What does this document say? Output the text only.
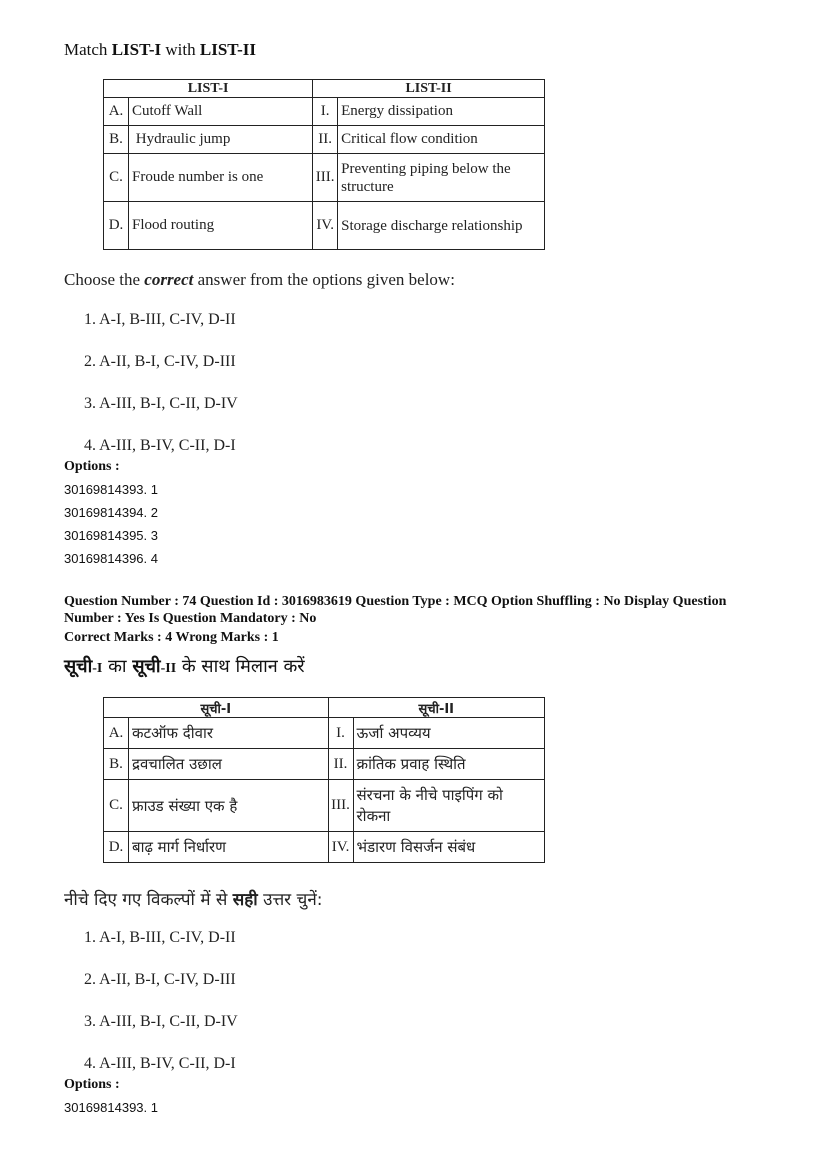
Match LIST-I with LIST-II
LIST-I		LIST-II	
A.	Cutoff Wall	I.	Energy dissipation
B.	Hydraulic jump	II.	Critical flow condition
C.	Froude number is one	III.	Preventing piping below the structure
D.	Flood routing	IV.	Storage discharge relationship
Choose the correct answer from the options given below:
1. A-I, B-III, C-IV, D-II
2. A-II, B-I, C-IV, D-III
3. A-III, B-I, C-II, D-IV
4. A-III, B-IV, C-II, D-I
Options :
30169814393. 1
30169814394. 2
30169814395. 3
30169814396. 4
Question Number : 74 Question Id : 3016983619 Question Type : MCQ Option Shuffling : No Display Question
Number : Yes Is Question Mandatory : No
Correct Marks : 4 Wrong Marks : 1
सूची-I का सूची-II के साथ मिलान करें
सूची-I		सूची-II	
A.	कटऑफ दीवार	I.	ऊर्जा अपव्यय
B.	द्रवचालित उछाल	II.	क्रांतिक प्रवाह स्थिति
C.	फ्राउड संख्या एक है	III.	संरचना के नीचे पाइपिंग को रोकना
D.	बाढ़ मार्ग निर्धारण	IV.	भंडारण विसर्जन संबंध
नीचे दिए गए विकल्पों में से सही उत्तर चुनें:
1. A-I, B-III, C-IV, D-II
2. A-II, B-I, C-IV, D-III
3. A-III, B-I, C-II, D-IV
4. A-III, B-IV, C-II, D-I
Options :
30169814393. 1
